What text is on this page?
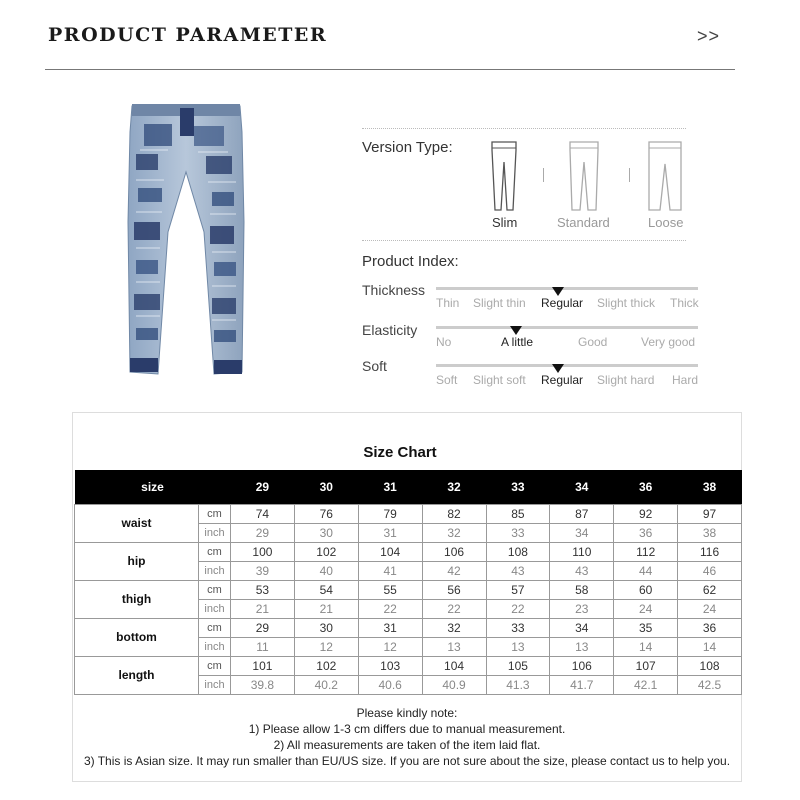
PRODUCT PARAMETER	>>
Version Type:
Slim	Standard	Loose
Product Index:
Thickness
Thin Slight thin Regular Slight thick Thick
Elasticity
No	A little	Good	Very good
Soft
Soft Slight soft Regular Slight hard Hard
Size Chart
size		29	30	31	32	33	34	36	38
waist	cm	74	76	79	82	85	87	92	97
	inch	29	30	31	32	33	34	36	38
hip	cm	100	102	104	106	108	110	112	116
	inch	39	40	41	42	43	43	44	46
thigh	cm	53	54	55	56	57	58	60	62
	inch	21	21	22	22	22	23	24	24
bottom	cm	29	30	31	32	33	34	35	36
	inch	11	12	12	13	13	13	14	14
length	cm	101	102	103	104	105	106	107	108
	inch	39.8	40.2	40.6	40.9	41.3	41.7	42.1	42.5
Please kindly note:
1) Please allow 1-3 cm differs due to manual measurement.
2) All measurements are taken of the item laid flat.
3) This is Asian size. It may run smaller than EU/US size. If you are not sure about the size, please contact us to help you.
